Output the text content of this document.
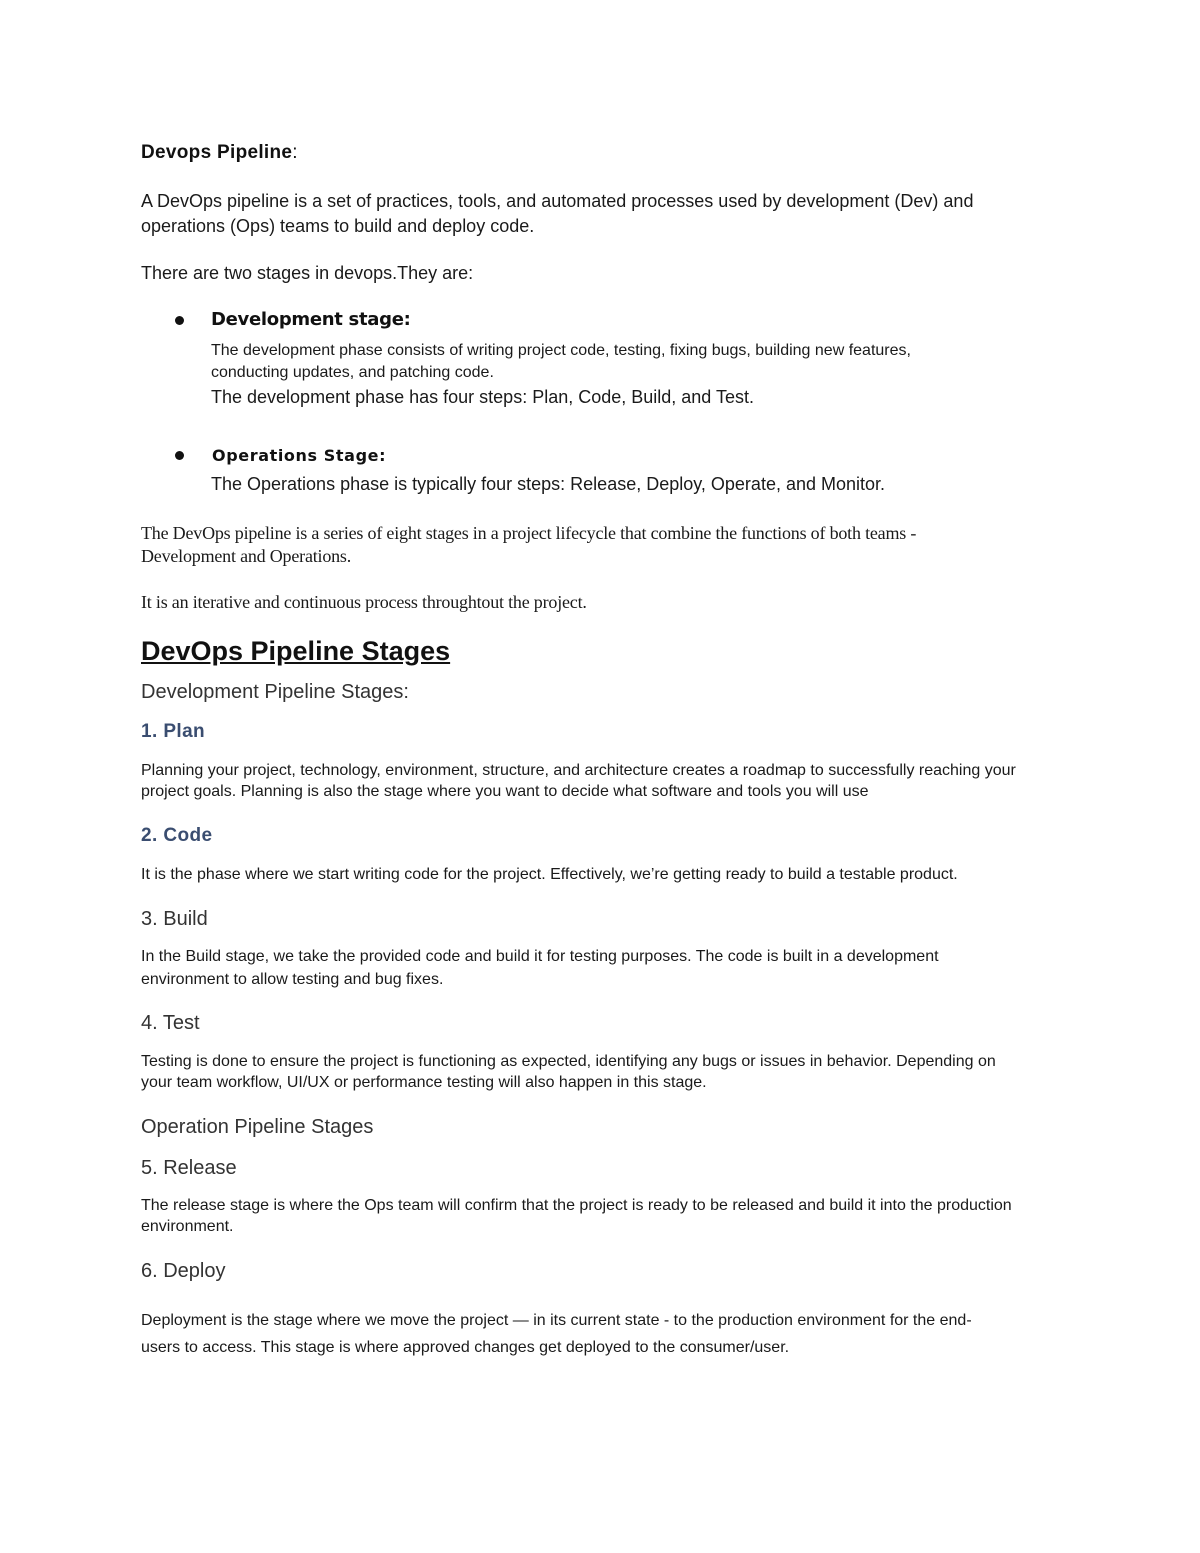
Devops Pipeline:
A DevOps pipeline is a set of practices, tools, and automated processes used by development (Dev) and
operations (Ops) teams to build and deploy code.
There are two stages in devops.They are:
Development stage:
The development phase consists of writing project code, testing, fixing bugs, building new features,
conducting updates, and patching code.
The development phase has four steps: Plan, Code, Build, and Test.
Operations Stage:
The Operations phase is typically four steps: Release, Deploy, Operate, and Monitor.
The DevOps pipeline is a series of eight stages in a project lifecycle that combine the functions of both teams -
Development and Operations.
It is an iterative and continuous process throughtout the project.
DevOps Pipeline Stages
Development Pipeline Stages:
1. Plan
Planning your project, technology, environment, structure, and architecture creates a roadmap to successfully reaching your
project goals. Planning is also the stage where you want to decide what software and tools you will use
2. Code
It is the phase where we start writing code for the project. Effectively, we’re getting ready to build a testable product.
3. Build
In the Build stage, we take the provided code and build it for testing purposes. The code is built in a development
environment to allow testing and bug fixes.
4. Test
Testing is done to ensure the project is functioning as expected, identifying any bugs or issues in behavior. Depending on
your team workflow, UI/UX or performance testing will also happen in this stage.
Operation Pipeline Stages
5. Release
The release stage is where the Ops team will confirm that the project is ready to be released and build it into the production
environment.
6. Deploy
Deployment is the stage where we move the project — in its current state - to the production environment for the end-
users to access. This stage is where approved changes get deployed to the consumer/user.
